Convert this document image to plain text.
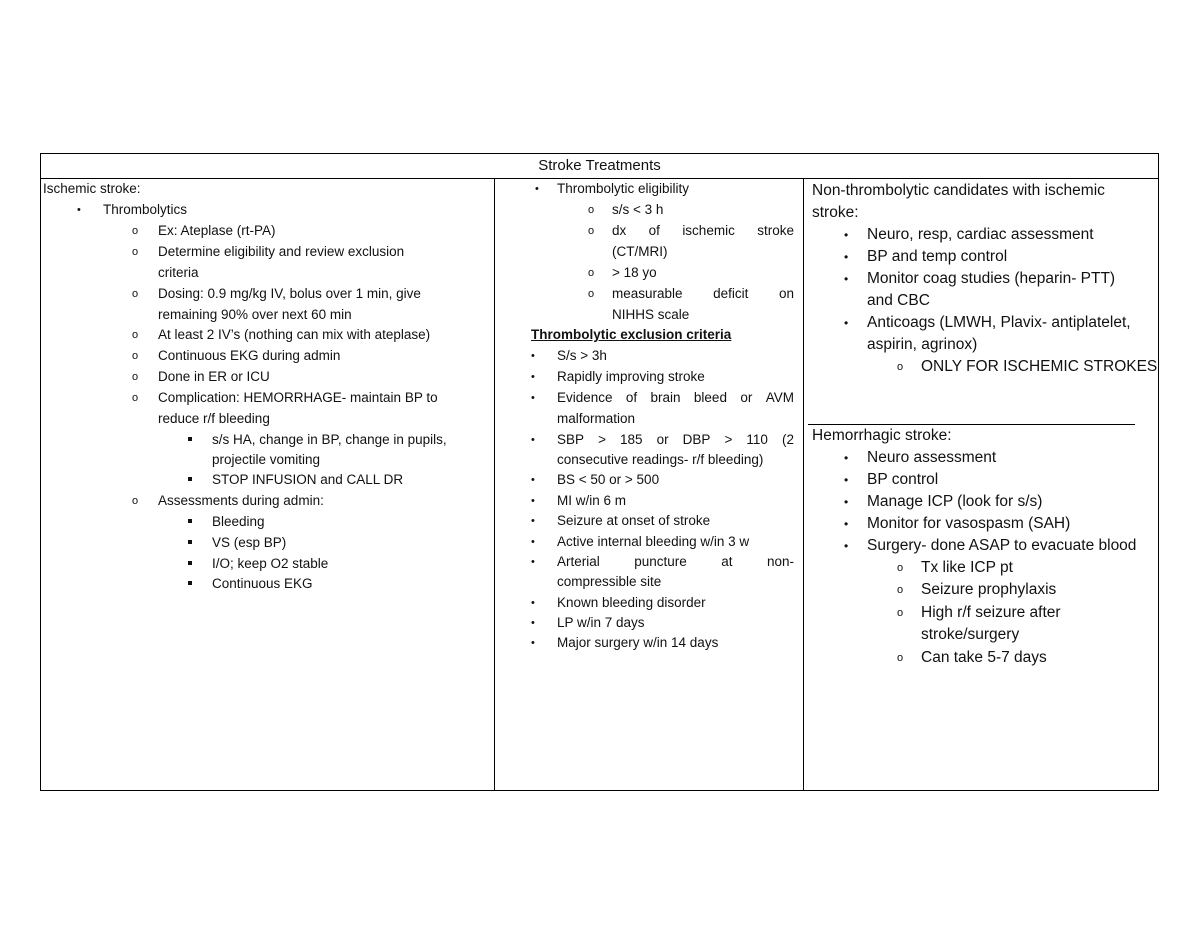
Stroke Treatments
Ischemic stroke:
• Thrombolytics
o Ex: Ateplase (rt-PA)
o Determine eligibility and review exclusion
criteria
o Dosing: 0.9 mg/kg IV, bolus over 1 min, give
remaining 90% over next 60 min
o At least 2 IV’s (nothing can mix with ateplase)
o Continuous EKG during admin
o Done in ER or ICU
o Complication: HEMORRHAGE- maintain BP to
reduce r/f bleeding
s/s HA, change in BP, change in pupils,
projectile vomiting
STOP INFUSION and CALL DR
o Assessments during admin:
Bleeding
VS (esp BP)
I/O; keep O2 stable
Continuous EKG
• Thrombolytic eligibility
o s/s < 3 h
o dx of ischemic stroke
(CT/MRI)
o > 18 yo
o measurable deficit on
NIHHS scale
Thrombolytic exclusion criteria
• S/s > 3h
• Rapidly improving stroke
• Evidence of brain bleed or AVM
malformation
• SBP > 185 or DBP > 110 (2
consecutive readings- r/f bleeding)
• BS < 50 or > 500
• MI w/in 6 m
• Seizure at onset of stroke
• Active internal bleeding w/in 3 w
• Arterial	puncture	at	non-
compressible site
• Known bleeding disorder
• LP w/in 7 days
• Major surgery w/in 14 days
Non-thrombolytic candidates with ischemic
stroke:
• Neuro, resp, cardiac assessment
• BP and temp control
• Monitor coag studies (heparin- PTT)
and CBC
• Anticoags (LMWH, Plavix- antiplatelet,
aspirin, agrinox)
o ONLY FOR ISCHEMIC STROKES
Hemorrhagic stroke:
• Neuro assessment
• BP control
• Manage ICP (look for s/s)
• Monitor for vasospasm (SAH)
• Surgery- done ASAP to evacuate blood
o Tx like ICP pt
o Seizure prophylaxis
o High r/f seizure after
stroke/surgery
o Can take 5-7 days
